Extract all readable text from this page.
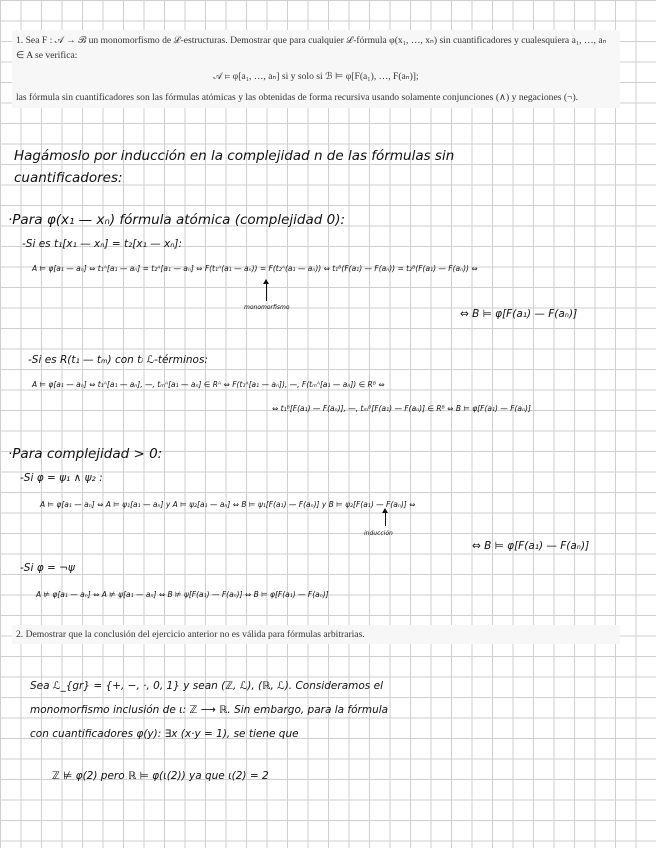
1. Sea F : 𝒜 → ℬ un monomorfismo de ℒ-estructuras. Demostrar que para cualquier ℒ-fórmula φ(x₁, …, xₙ) sin cuantificadores y cualesquiera a₁, …, aₙ ∈ A se verifica:

𝒜 ⊨ φ[a₁, …, aₙ] si y solo si ℬ ⊨ φ[F(a₁), …, F(aₙ)];

las fórmula sin cuantificadores son las fórmulas atómicas y las obtenidas de forma recursiva usando solamente conjunciones (∧) y negaciones (¬).

Hagámoslo por inducción en la complejidad n de las fórmulas sin
cuantificadores:
·Para φ(x₁ — xₙ) fórmula atómica (complejidad 0):
-Si es t₁[x₁ — xₙ] = t₂[x₁ — xₙ]:
A ⊨ φ[a₁ — aₙ] ⇔ t₁ᴬ[a₁ — aₙ] = t₂ᴬ[a₁ — aₙ] ⇔ F(t₁ᴬ(a₁ — aₙ)) = F(t₂ᴬ(a₁ — aₙ)) ⇔ t₁ᴮ(F(a₁) — F(aₙ)) = t₂ᴮ(F(a₁) — F(aₙ)) ⇔
monomorfismo
⇔ B ⊨ φ[F(a₁) — F(aₙ)]
-Si es R(t₁ — tₘ) con tᵢ ℒ-términos:
A ⊨ φ[a₁ — aₙ] ⇔ t₁ᴬ[a₁ — aₙ], —, tₘᴬ[a₁ — aₙ] ∈ Rᴬ ⇔ F(t₁ᴬ[a₁ — aₙ]), —, F(tₘᴬ[a₁ — aₙ]) ∈ Rᴮ ⇔
⇔ t₁ᴮ[F(a₁) — F(aₙ)], —, tₘᴮ[F(a₁) — F(aₙ)] ∈ Rᴮ ⇔ B ⊨ φ[F(a₁) — F(aₙ)]
·Para complejidad > 0:
-Si φ = ψ₁ ∧ ψ₂ :
A ⊨ φ[a₁ — aₙ] ⇔ A ⊨ ψ₁[a₁ — aₙ] y A ⊨ ψ₂[a₁ — aₙ] ⇔ B ⊨ ψ₁[F(a₁) — F(aₙ)] y B ⊨ ψ₂[F(a₁) — F(aₙ)] ⇔
inducción
⇔ B ⊨ φ[F(a₁) — F(aₙ)]
-Si φ = ¬ψ
A ⊭ φ[a₁ — aₙ] ⇔ A ⊭ ψ[a₁ — aₙ] ⇔ B ⊭ ψ[F(a₁) — F(aₙ)] ⇔ B ⊨ φ[F(a₁) — F(aₙ)]

2. Demostrar que la conclusión del ejercicio anterior no es válida para fórmulas arbitrarias.

Sea ℒ_{gr} = {+, −, ·, 0, 1} y sean (ℤ, ℒ), (ℝ, ℒ). Consideramos el
monomorfismo inclusión de ι: ℤ ⟶ ℝ. Sin embargo, para la fórmula
con cuantificadores φ(y): ∃x (x·y = 1), se tiene que
ℤ ⊭ φ(2) pero ℝ ⊨ φ(ι(2)) ya que ι(2) = 2
